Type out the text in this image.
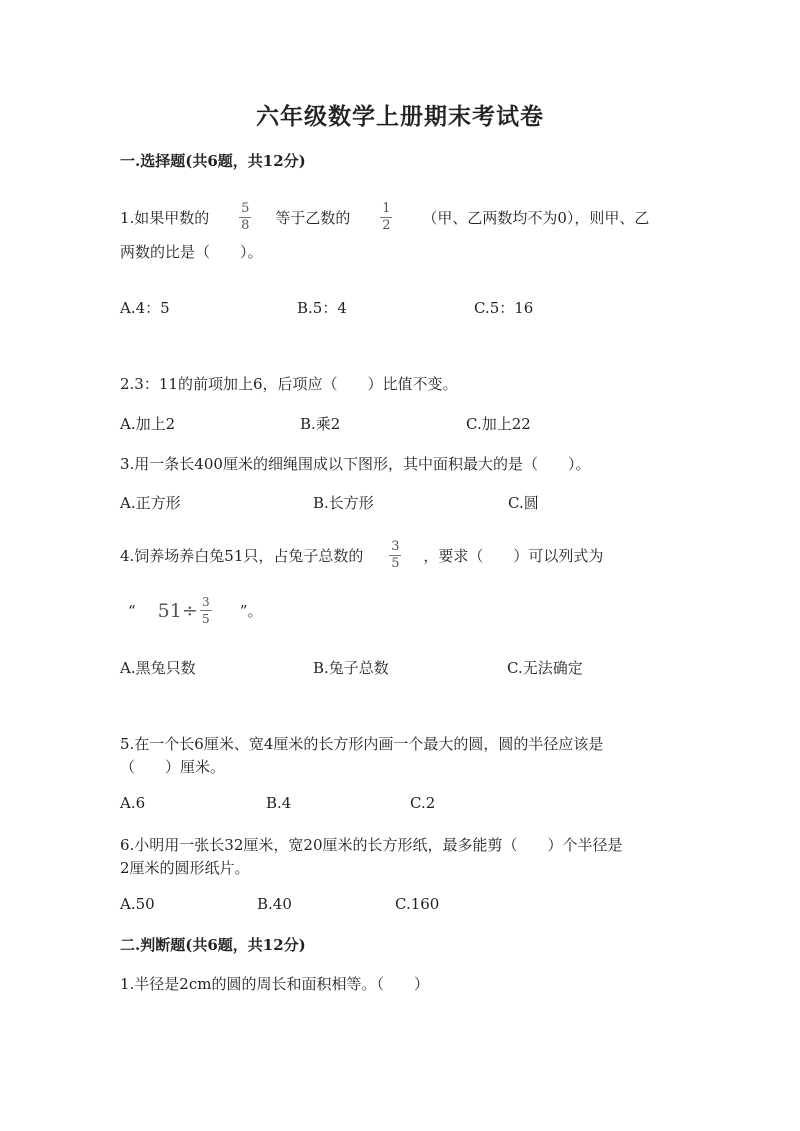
六年级数学上册期末考试卷
一.选择题(共6题，共12分)
1.如果甲数的 $\frac{5}{8}$ 等于乙数的 $\frac{1}{2}$ （甲、乙两数均不为0），则甲、乙
两数的比是（　　）。
A.4：5	B.5：4	C.5：16
2.3：11的前项加上6，后项应（　　）比值不变。
A.加上2	B.乘2	C.加上22
3.用一条长400厘米的细绳围成以下图形，其中面积最大的是（　　）。
A.正方形	B.长方形	C.圆
4.饲养场养白兔51只，占兔子总数的 $\frac{3}{5}$ ，要求（　　）可以列式为
“ $51\div \frac{3}{5}$ ”。
A.黑兔只数	B.兔子总数	C.无法确定
5.在一个长6厘米、宽4厘米的长方形内画一个最大的圆，圆的半径应该是
（　　）厘米。
A.6	B.4	C.2
6.小明用一张长32厘米，宽20厘米的长方形纸，最多能剪（　　）个半径是
2厘米的圆形纸片。
A.50	B.40	C.160
二.判断题(共6题，共12分)
1.半径是2cm的圆的周长和面积相等。（　　）
